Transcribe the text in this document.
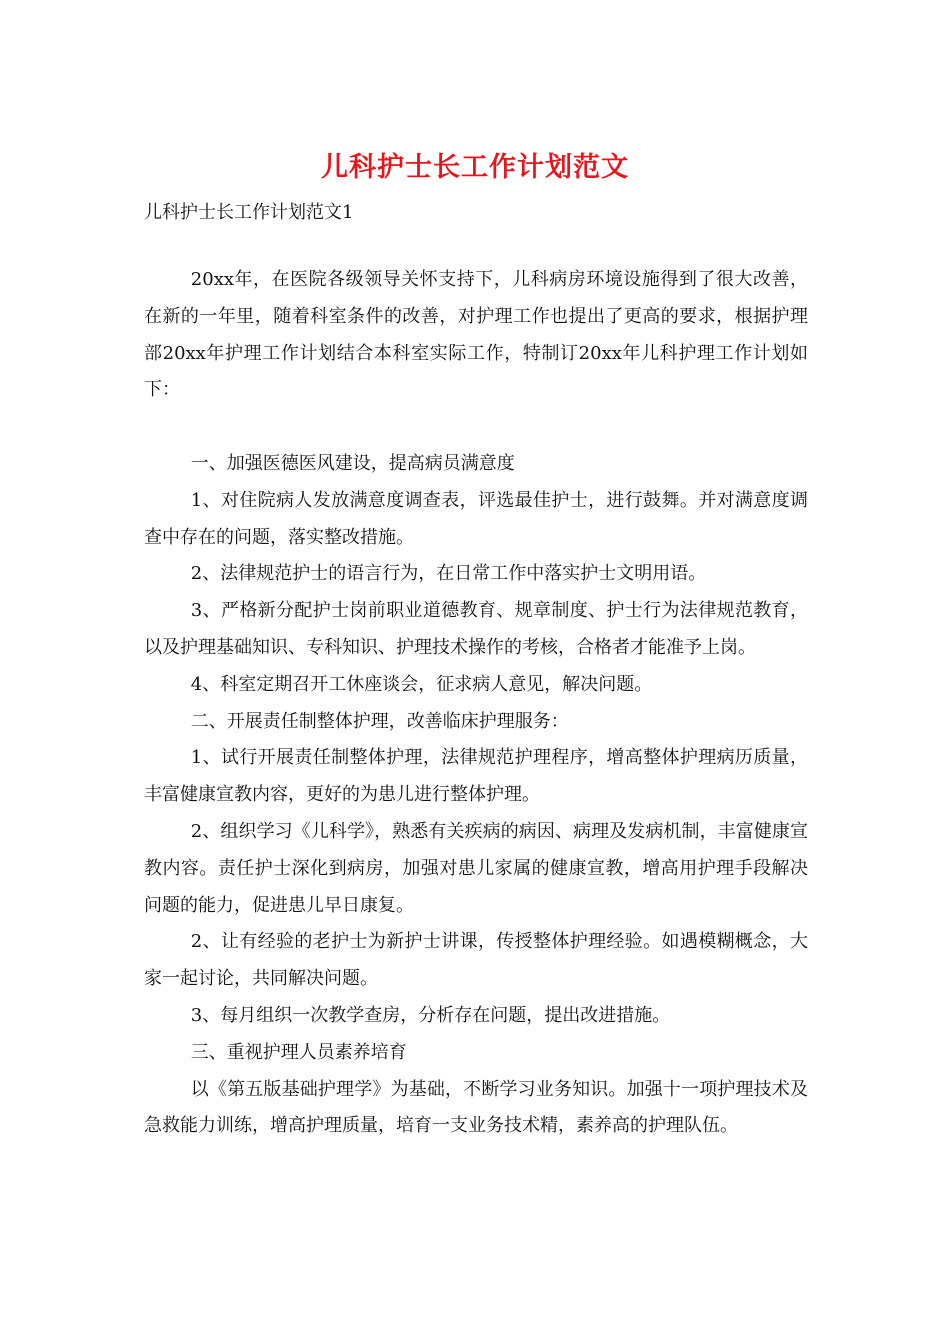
儿科护士长工作计划范文
儿科护士长工作计划范文1

20xx年，在医院各级领导关怀支持下，儿科病房环境设施得到了很大改善，在新的一年里，随着科室条件的改善，对护理工作也提出了更高的要求，根据护理部20xx年护理工作计划结合本科室实际工作，特制订20xx年儿科护理工作计划如下：

一、加强医德医风建设，提高病员满意度

1、对住院病人发放满意度调查表，评选最佳护士，进行鼓舞。并对满意度调查中存在的问题，落实整改措施。

2、法律规范护士的语言行为，在日常工作中落实护士文明用语。

3、严格新分配护士岗前职业道德教育、规章制度、护士行为法律规范教育，以及护理基础知识、专科知识、护理技术操作的考核，合格者才能准予上岗。

4、科室定期召开工休座谈会，征求病人意见，解决问题。

二、开展责任制整体护理，改善临床护理服务：

1、试行开展责任制整体护理，法律规范护理程序，增高整体护理病历质量，丰富健康宣教内容，更好的为患儿进行整体护理。

2、组织学习《儿科学》，熟悉有关疾病的病因、病理及发病机制，丰富健康宣教内容。责任护士深化到病房，加强对患儿家属的健康宣教，增高用护理手段解决问题的能力，促进患儿早日康复。

2、让有经验的老护士为新护士讲课，传授整体护理经验。如遇模糊概念，大家一起讨论，共同解决问题。

3、每月组织一次教学查房，分析存在问题，提出改进措施。

三、重视护理人员素养培育

以《第五版基础护理学》为基础，不断学习业务知识。加强十一项护理技术及急救能力训练，增高护理质量，培育一支业务技术精，素养高的护理队伍。
